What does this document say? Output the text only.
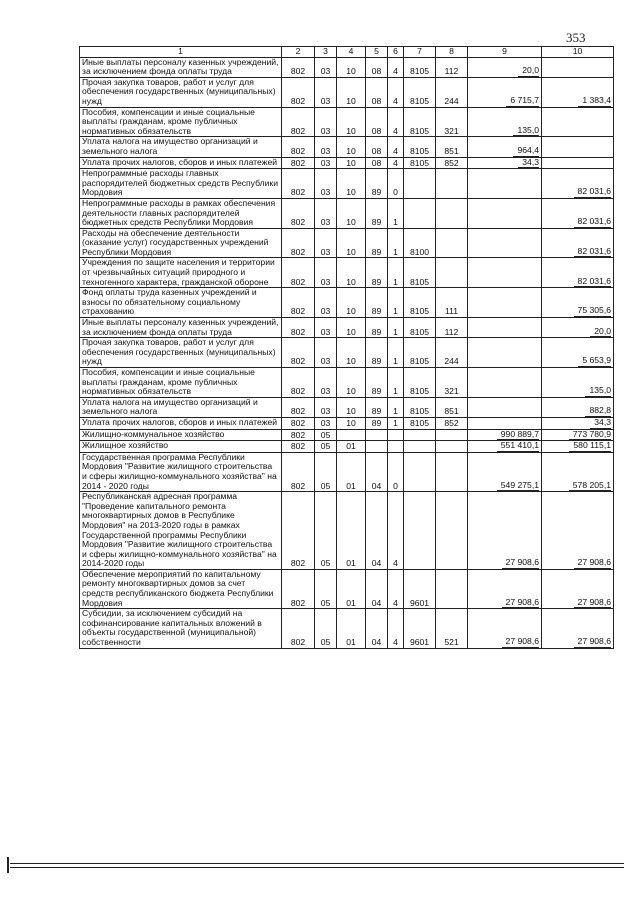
353
1	2	3	4	5	6	7	8	9	10
Иные выплаты персоналу казенных учреждений, за исключением фонда оплаты труда	802	03	10	08	4	8105	112	20,0	
Прочая закупка товаров, работ и услуг для обеспечения государственных (муниципальных) нужд	802	03	10	08	4	8105	244	6 715,7	1 383,4
Пособия, компенсации и иные социальные выплаты гражданам, кроме публичных нормативных обязательств	802	03	10	08	4	8105	321	135,0	
Уплата налога на имущество организаций и земельного налога	802	03	10	08	4	8105	851	964,4	
Уплата прочих налогов, сборов и иных платежей	802	03	10	08	4	8105	852	34,3	
Непрограммные расходы главных распорядителей бюджетных средств Республики Мордовия	802	03	10	89	0				82 031,6
Непрограммные расходы в рамках обеспечения деятельности главных распорядителей бюджетных средств Республики Мордовия	802	03	10	89	1				82 031,6
Расходы на обеспечение деятельности (оказание услуг) государственных учреждений Республики Мордовия	802	03	10	89	1	8100			82 031,6
Учреждения по защите населения и территории от чрезвычайных ситуаций природного и техногенного характера, гражданской обороне	802	03	10	89	1	8105			82 031,6
Фонд оплаты труда казенных учреждений и взносы по обязательному социальному страхованию	802	03	10	89	1	8105	111		75 305,6
Иные выплаты персоналу казенных учреждений, за исключением фонда оплаты труда	802	03	10	89	1	8105	112		20,0
Прочая закупка товаров, работ и услуг для обеспечения государственных (муниципальных) нужд	802	03	10	89	1	8105	244		5 653,9
Пособия, компенсации и иные социальные выплаты гражданам, кроме публичных нормативных обязательств	802	03	10	89	1	8105	321		135,0
Уплата налога на имущество организаций и земельного налога	802	03	10	89	1	8105	851		882,8
Уплата прочих налогов, сборов и иных платежей	802	03	10	89	1	8105	852		34,3
Жилищно-коммунальное хозяйство	802	05						990 889,7	773 780,9
Жилищное хозяйство	802	05	01					551 410,1	580 115,1
Государственная программа Республики Мордовия "Развитие жилищного строительства и сферы жилищно-коммунального хозяйства" на 2014 - 2020 годы	802	05	01	04	0			549 275,1	578 205,1
Республиканская адресная программа "Проведение капитального ремонта многоквартирных домов в Республике Мордовия" на 2013-2020 годы в рамках Государственной программы Республики Мордовия "Развитие жилищного строительства и сферы жилищно-коммунального хозяйства" на 2014-2020 годы	802	05	01	04	4			27 908,6	27 908,6
Обеспечение мероприятий по капитальному ремонту многоквартирных домов за счет средств республиканского бюджета Республики Мордовия	802	05	01	04	4	9601		27 908,6	27 908,6
Субсидии, за исключением субсидий на софинансирование капитальных вложений в объекты государственной (муниципальной) собственности	802	05	01	04	4	9601	521	27 908,6	27 908,6
